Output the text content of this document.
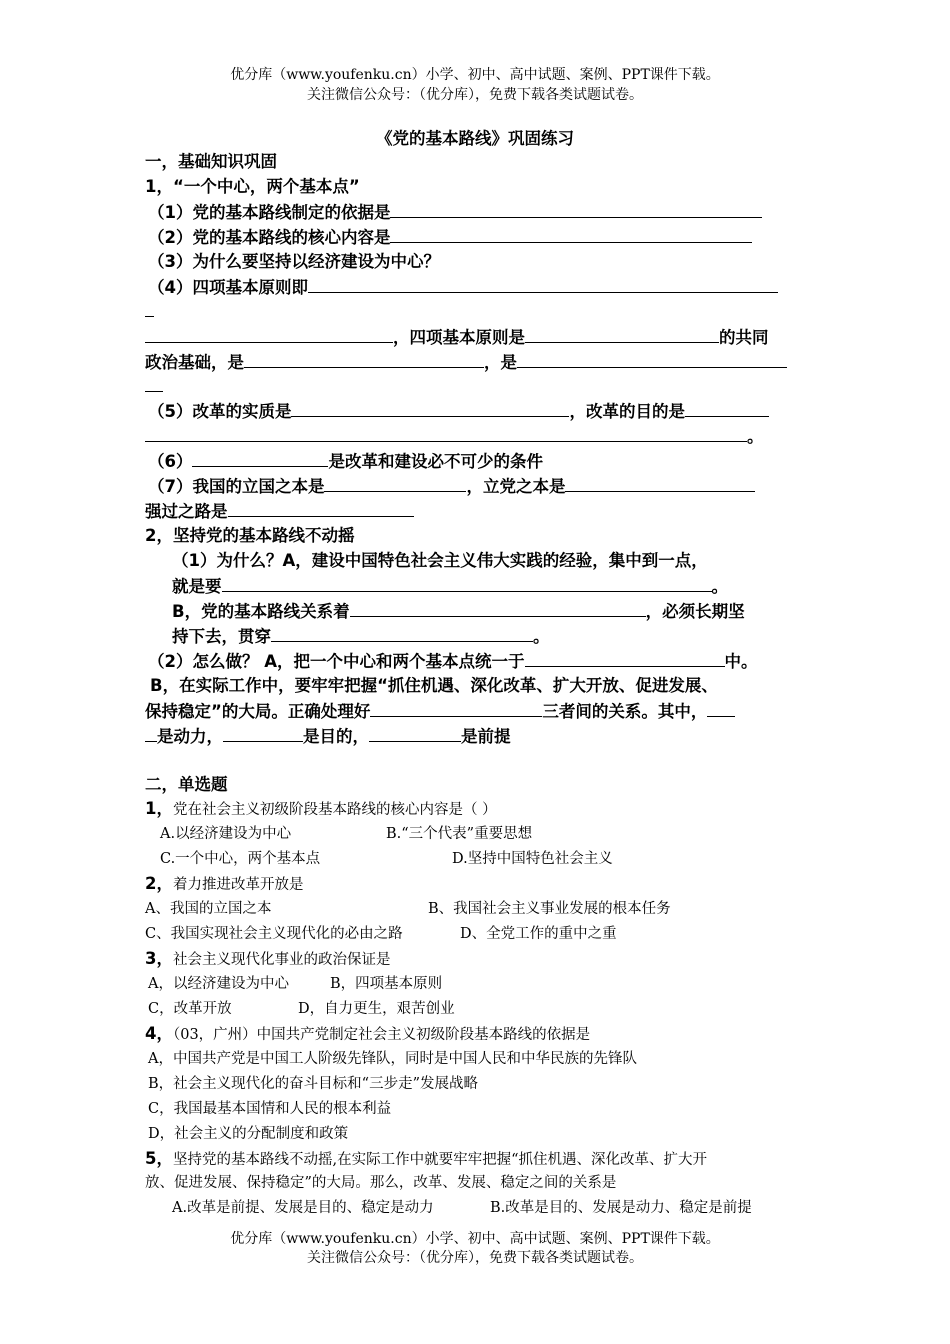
优分库（www.youfenku.cn）小学、初中、高中试题、案例、PPT课件下载。
关注微信公众号：（优分库），免费下载各类试题试卷。
《党的基本路线》巩固练习
一，基础知识巩固
1，“一个中心，两个基本点”
（1）党的基本路线制定的依据是
（2）党的基本路线的核心内容是
（3）为什么要坚持以经济建设为中心？
（4）四项基本原则即
，四项基本原则是	的共同
政治基础，是	，是
（5）改革的实质是	，改革的目的是
。
（6）	是改革和建设必不可少的条件
（7）我国的立国之本是	，立党之本是
强过之路是
2，坚持党的基本路线不动摇
（1）为什么？A，建设中国特色社会主义伟大实践的经验，集中到一点，
就是要	。
B，党的基本路线关系着	，必须长期坚
持下去，贯穿	。
（2）怎么做？ A，把一个中心和两个基本点统一于	中。
B，在实际工作中，要牢牢把握“抓住机遇、深化改革、扩大开放、促进发展、
保持稳定”的大局。正确处理好	三者间的关系。其中，
是动力，	是目的，	是前提
二，单选题
1，党在社会主义初级阶段基本路线的核心内容是（ ）
A.以经济建设为中心	B.“三个代表”重要思想
C.一个中心，两个基本点	D.坚持中国特色社会主义
2，着力推进改革开放是
A、我国的立国之本	B、我国社会主义事业发展的根本任务
C、我国实现社会主义现代化的必由之路	D、全党工作的重中之重
3，社会主义现代化事业的政治保证是
A，以经济建设为中心	B，四项基本原则
C，改革开放	D，自力更生，艰苦创业
4，（03，广州）中国共产党制定社会主义初级阶段基本路线的依据是
A，中国共产党是中国工人阶级先锋队，同时是中国人民和中华民族的先锋队
B，社会主义现代化的奋斗目标和“三步走”发展战略
C，我国最基本国情和人民的根本利益
D，社会主义的分配制度和政策
5，坚持党的基本路线不动摇,在实际工作中就要牢牢把握“抓住机遇、深化改革、扩大开
放、促进发展、保持稳定”的大局。那么，改革、发展、稳定之间的关系是
A.改革是前提、发展是目的、稳定是动力	B.改革是目的、发展是动力、稳定是前提
优分库（www.youfenku.cn）小学、初中、高中试题、案例、PPT课件下载。
关注微信公众号：（优分库），免费下载各类试题试卷。
